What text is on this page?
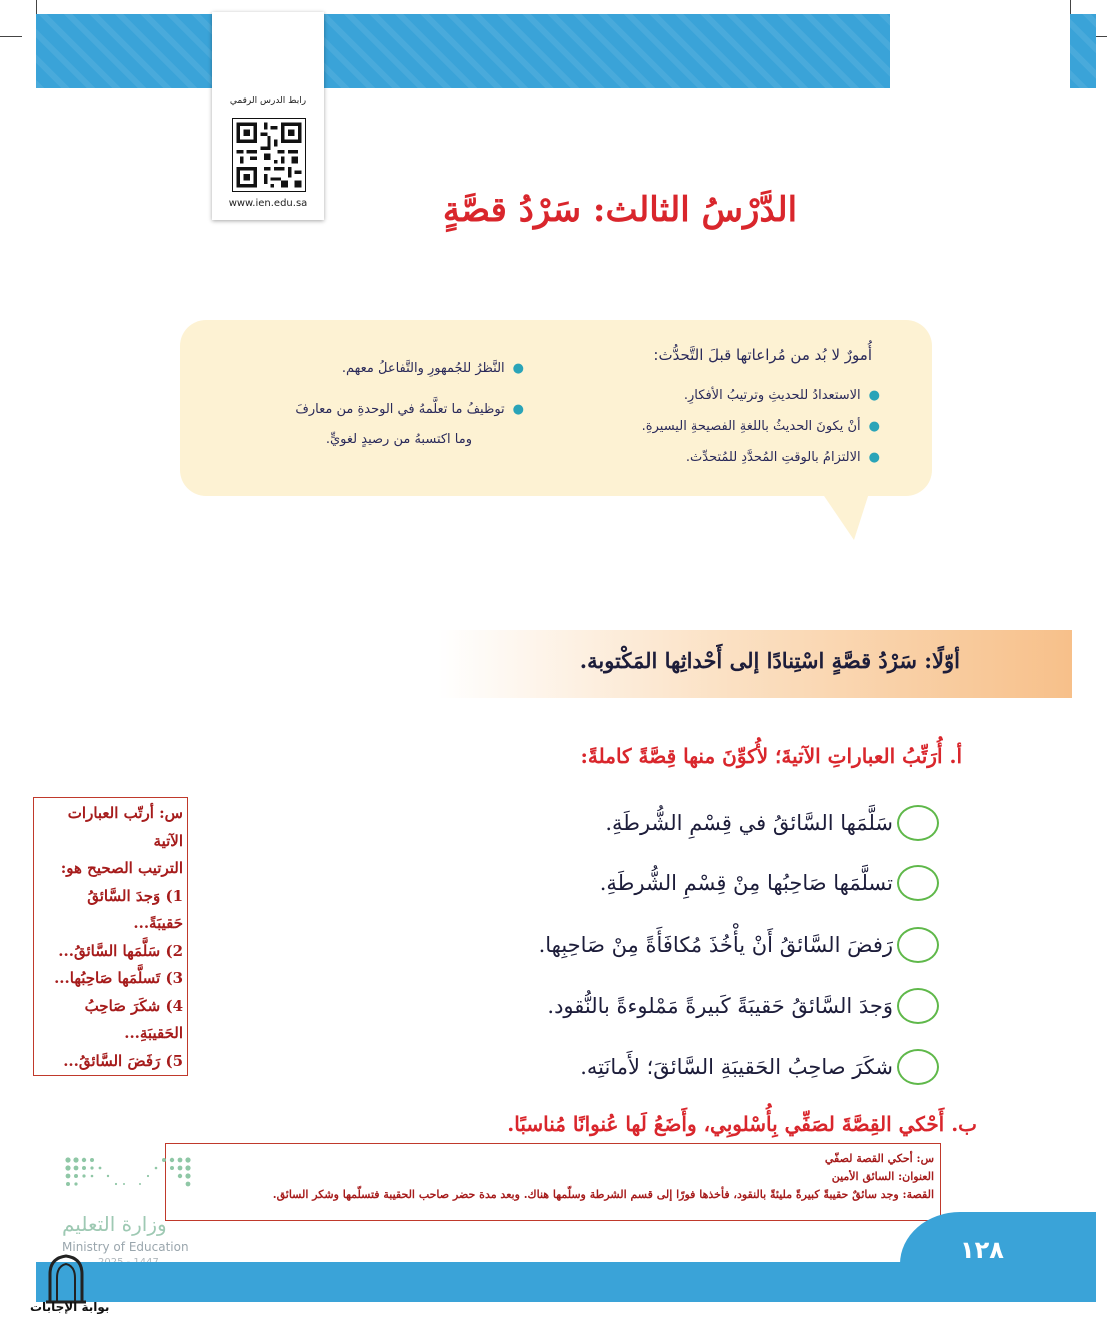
رابط الدرس الرقمي
www.ien.edu.sa	الدَّرْسُ الثالث: سَرْدُ قصَّةٍ
أُمورٌ لا بُد من مُراعاتها قبلَ التَّحدُّث:
●الاستعدادُ للحديثِ وترتيبُ الأفكارِ.
●أنْ يكونَ الحديثُ باللغةِ الفصيحةِ اليسيرةِ.
●الالتزامُ بالوقتِ المُحدَّدِ للمُتحدِّث.
●النَّظرُ للجُمهورِ والتَّفاعلُ معهم.
●توظيفُ ما تعلَّمهُ في الوحدةِ من معارفَ
وما اكتسبهُ من رصيدٍ لغويٍّ.
أوّلًا: سَرْدُ قصَّةٍ اسْتِنادًا إلى أَحْداثِها المَكْتوبة.
أ. أُرَتِّبُ العباراتِ الآتيةَ؛ لأُكوِّنَ منها قِصَّةً كاملةً:
سَلَّمَها السَّائقُ في قِسْمِ الشُّرطَةِ.
تسلَّمَها صَاحِبُها مِنْ قِسْمِ الشُّرطَةِ.
رَفضَ السَّائقُ أَنْ يأْخُذَ مُكافَأَةً مِنْ صَاحِبِها.
وَجدَ السَّائقُ حَقيبَةً كَبيرةً مَمْلوءةً بالنُّقود.
شكَرَ صاحِبُ الحَقيبَةِ السَّائقَ؛ لأَمانَتِه.
س: أرتّب العبارات الآتية
الترتيب الصحيح هو:
1) وَجدَ السَّائقُ حَقيبَةً...
2) سَلَّمَها السَّائقُ...
3) تَسلَّمَها صَاحِبُها...
4) شكَرَ صَاحِبُ الحَقيبَةِ...
5) رَفَضَ السَّائقُ...
ب. أَحْكي القِصَّةَ لصَفِّي بِأُسْلوبِي، وأَضَعُ لَها عُنوانًا مُناسبًا.
س: أحكي القصة لصفّي
العنوان: السائق الأمين
القصة: وجد سائقٌ حقيبةً كبيرةً مليئةً بالنقود، فأخذها فورًا إلى قسم الشرطة وسلّمها هناك. وبعد مدة حضر صاحب الحقيبة فتسلّمها وشكر السائق.
وزارة التعليم
Ministry of Education	١٢٨
بوابة الإجابات
